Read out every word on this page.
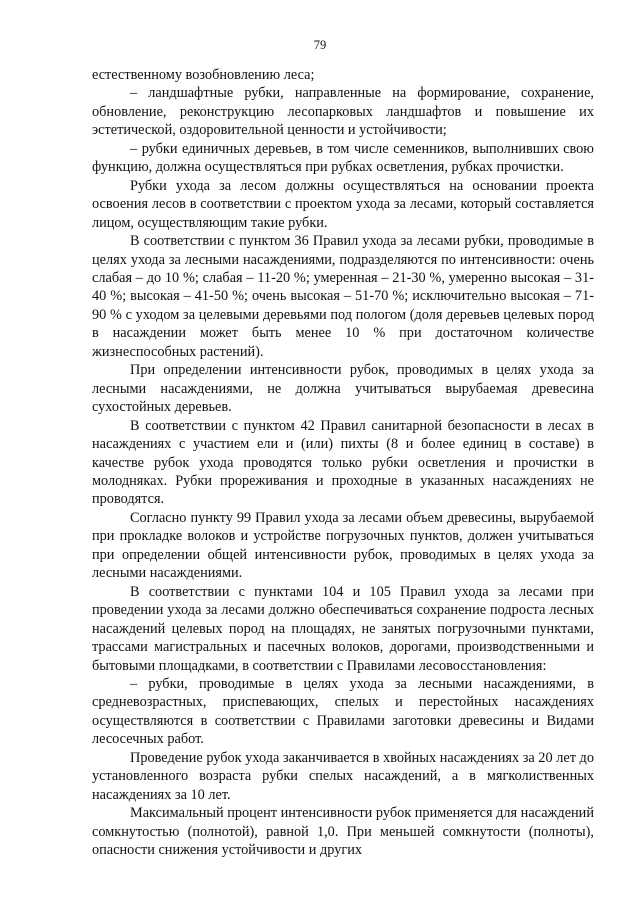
79

естественному возобновлению леса;

– ландшафтные рубки, направленные на формирование, сохранение, обновление, реконструкцию лесопарковых ландшафтов и повышение их эстетической, оздоровительной ценности и устойчивости;

– рубки единичных деревьев, в том числе семенников, выполнивших свою функцию, должна осуществляться при рубках осветления, рубках прочистки.

Рубки ухода за лесом должны осуществляться на основании проекта освоения лесов в соответствии с проектом ухода за лесами, который составляется лицом, осуществляющим такие рубки.

В соответствии с пунктом 36 Правил ухода за лесами рубки, проводимые в целях ухода за лесными насаждениями, подразделяются по интенсивности: очень слабая – до 10 %; слабая – 11-20 %; умеренная – 21-30 %, умеренно высокая – 31-40 %; высокая – 41-50 %; очень высокая – 51-70 %; исключительно высокая – 71-90 % с уходом за целевыми деревьями под пологом (доля деревьев целевых пород в насаждении может быть менее 10 % при достаточном количестве жизнеспособных растений).

При определении интенсивности рубок, проводимых в целях ухода за лесными насаждениями, не должна учитываться вырубаемая древесина сухостойных деревьев.

В соответствии с пунктом 42 Правил санитарной безопасности в лесах в насаждениях с участием ели и (или) пихты (8 и более единиц в составе) в качестве рубок ухода проводятся только рубки осветления и прочистки в молодняках. Рубки прореживания и проходные в указанных насаждениях не проводятся.

Согласно пункту 99 Правил ухода за лесами объем древесины, вырубаемой при прокладке волоков и устройстве погрузочных пунктов, должен учитываться при определении общей интенсивности рубок, проводимых в целях ухода за лесными насаждениями.

В соответствии с пунктами 104 и 105 Правил ухода за лесами при проведении ухода за лесами должно обеспечиваться сохранение подроста лесных насаждений целевых пород на площадях, не занятых погрузочными пунктами, трассами магистральных и пасечных волоков, дорогами, производственными и бытовыми площадками, в соответствии с Правилами лесовосстановления:

– рубки, проводимые в целях ухода за лесными насаждениями, в средневозрастных, приспевающих, спелых и перестойных насаждениях осуществляются в соответствии с Правилами заготовки древесины и Видами лесосечных работ.

Проведение рубок ухода заканчивается в хвойных насаждениях за 20 лет до установленного возраста рубки спелых насаждений, а в мягколиственных насаждениях за 10 лет.

Максимальный процент интенсивности рубок применяется для насаждений сомкнутостью (полнотой), равной 1,0. При меньшей сомкнутости (полноты), опасности снижения устойчивости и других
